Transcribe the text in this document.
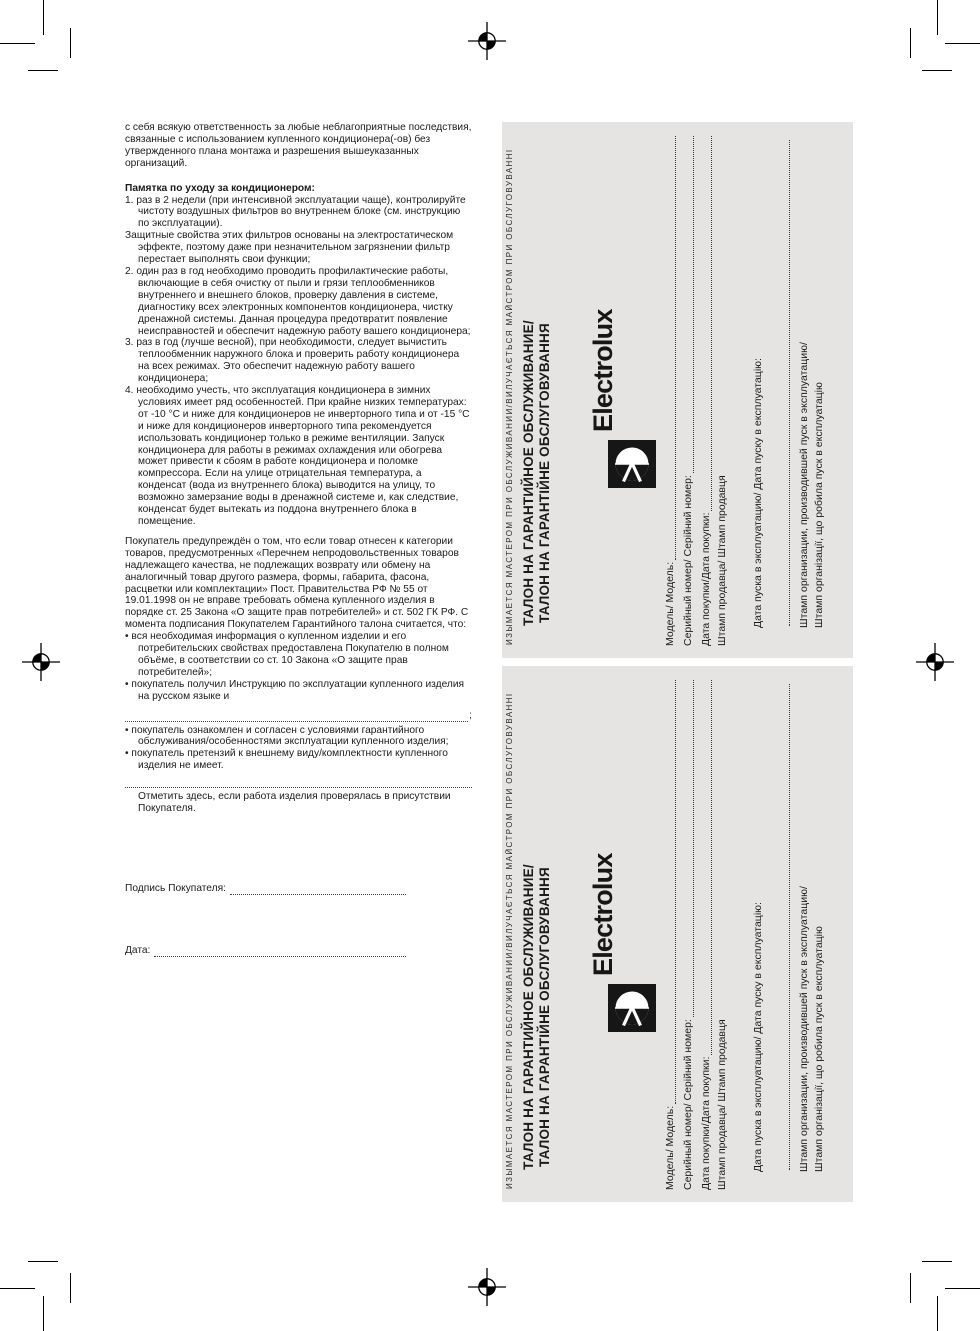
с себя всякую ответственность за любые неблагоприятные последствия, связанные с использованием купленного кондиционера(-ов) без утвержденного плана монтажа и разрешения вышеуказанных организаций.

Памятка по уходу за кондиционером:

1. раз в 2 недели (при интенсивной эксплуатации чаще), контролируйте чистоту воздушных фильтров во внутреннем блоке (см. инструкцию по эксплуатации).

Защитные свойства этих фильтров основаны на электростатическом эффекте, поэтому даже при незначительном загрязнении фильтр перестает выполнять свои функции;

2. один раз в год необходимо проводить профилактические работы, включающие в себя очистку от пыли и грязи теплообменников внутреннего и внешнего блоков, проверку давления в системе, диагностику всех электронных компонентов кондиционера, чистку дренажной системы. Данная процедура предотвратит появление неисправностей и обеспечит надежную работу вашего кондиционера;

3. раз в год (лучше весной), при необходимости, следует вычистить теплообменник наружного блока и проверить работу кондиционера на всех режимах. Это обеспечит надежную работу вашего кондиционера;

4. необходимо учесть, что эксплуатация кондиционера в зимних условиях имеет ряд особенностей. При крайне низких температурах: от -10 °С и ниже для кондиционеров не инверторного типа и от -15 °С и ниже для кондиционеров инверторного типа рекомендуется использовать кондиционер только в режиме вентиляции. Запуск кондиционера для работы в режимах охлаждения или обогрева может привести к сбоям в работе кондиционера и поломке компрессора. Если на улице отрицательная температура, а конденсат (вода из внутреннего блока) выводится на улицу, то возможно замерзание воды в дренажной системе и, как следствие, конденсат будет вытекать из поддона внутреннего блока в помещение.

Покупатель предупреждён о том, что если товар отнесен к категории товаров, предусмотренных «Перечнем непродовольственных товаров надлежащего качества, не подлежащих возврату или обмену на аналогичный товар другого размера, формы, габарита, фасона, расцветки или комплектации» Пост. Правительства РФ № 55 от 19.01.1998 он не вправе требовать обмена купленного изделия в порядке ст. 25 Закона «О защите прав потребителей» и ст. 502 ГК РФ. С момента подписания Покупателем Гарантийного талона считается, что:

• вся необходимая информация о купленном изделии и его потребительских свойствах предоставлена Покупателю в полном объёме, в соответствии со ст. 10 Закона «О защите прав потребителей»;

• покупатель получил Инструкцию по эксплуатации купленного изделия на русском языке и

;

• покупатель ознакомлен и согласен с условиями гарантийного обслуживания/особенностями эксплуатации купленного изделия;

• покупатель претензий к внешнему виду/комплектности купленного изделия не имеет.

Отметить здесь, если работа изделия проверялась в присутствии Покупателя.

Подпись Покупателя:
Дата:
ИЗЫМАЕТСЯ МАСТЕРОМ ПРИ ОБСЛУЖИВАНИИ/ВИЛУЧАЄТЬСЯ МАЙСТРОМ ПРИ ОБСЛУГОВУВАННІ ТАЛОН НА ГАРАНТИЙНОЕ ОБСЛУЖИВАНИЕ/ ТАЛОН НА ГАРАНТІЙНЕ ОБСЛУГОВУВАННЯ Electrolux
Модель/ Модель: Серийный номер/ Серійний номер: Дата покупки/Дата покупки: Штамп продавца/ Штамп продавця Дата пуска в эксплуатацию/ Дата пуску в експлуатацію:	Штамп организации, производившей пуск в эксплуатацию/ Штамп організації, що робила пуск в експлуатацію
ИЗЫМАЕТСЯ МАСТЕРОМ ПРИ ОБСЛУЖИВАНИИ/ВИЛУЧАЄТЬСЯ МАЙСТРОМ ПРИ ОБСЛУГОВУВАННІ ТАЛОН НА ГАРАНТИЙНОЕ ОБСЛУЖИВАНИЕ/ ТАЛОН НА ГАРАНТІЙНЕ ОБСЛУГОВУВАННЯ Electrolux
Модель/ Модель: Серийный номер/ Серійний номер: Дата покупки/Дата покупки: Штамп продавца/ Штамп продавця Дата пуска в эксплуатацию/ Дата пуску в експлуатацію:	Штамп организации, производившей пуск в эксплуатацию/ Штамп організації, що робила пуск в експлуатацію
